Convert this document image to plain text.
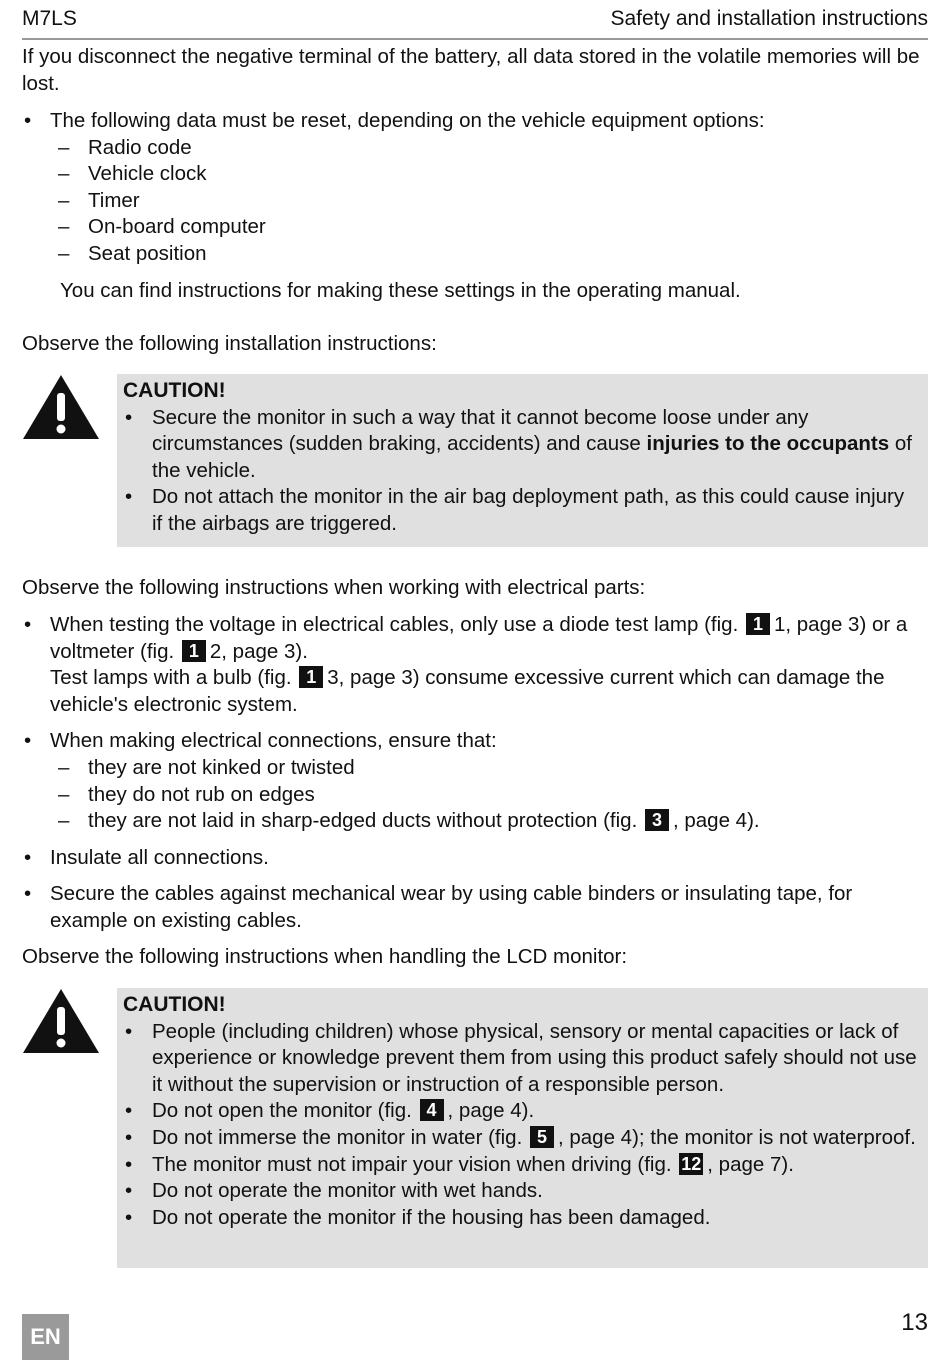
M7LS	Safety and installation instructions

If you disconnect the negative terminal of the battery, all data stored in the volatile memories will be lost.

• The following data must be reset, depending on the vehicle equipment options:
– Radio code
– Vehicle clock
– Timer
– On-board computer
– Seat position

You can find instructions for making these settings in the operating manual.

Observe the following installation instructions:

CAUTION!
• Secure the monitor in such a way that it cannot become loose under any circumstances (sudden braking, accidents) and cause injuries to the occupants of the vehicle.
• Do not attach the monitor in the air bag deployment path, as this could cause injury if the airbags are triggered.

Observe the following instructions when working with electrical parts:

• When testing the voltage in electrical cables, only use a diode test lamp (fig. 1 1, page 3) or a voltmeter (fig. 1 2, page 3).
Test lamps with a bulb (fig. 1 3, page 3) consume excessive current which can damage the vehicle's electronic system.
• When making electrical connections, ensure that:
– they are not kinked or twisted
– they do not rub on edges
– they are not laid in sharp-edged ducts without protection (fig. 3 , page 4).
• Insulate all connections.
• Secure the cables against mechanical wear by using cable binders or insulating tape, for example on existing cables.

Observe the following instructions when handling the LCD monitor:

CAUTION!
• People (including children) whose physical, sensory or mental capacities or lack of experience or knowledge prevent them from using this product safely should not use it without the supervision or instruction of a responsible person.
• Do not open the monitor (fig. 4 , page 4).
• Do not immerse the monitor in water (fig. 5 , page 4); the monitor is not waterproof.
• The monitor must not impair your vision when driving (fig. 12 , page 7).
• Do not operate the monitor with wet hands.
• Do not operate the monitor if the housing has been damaged.
EN
13
